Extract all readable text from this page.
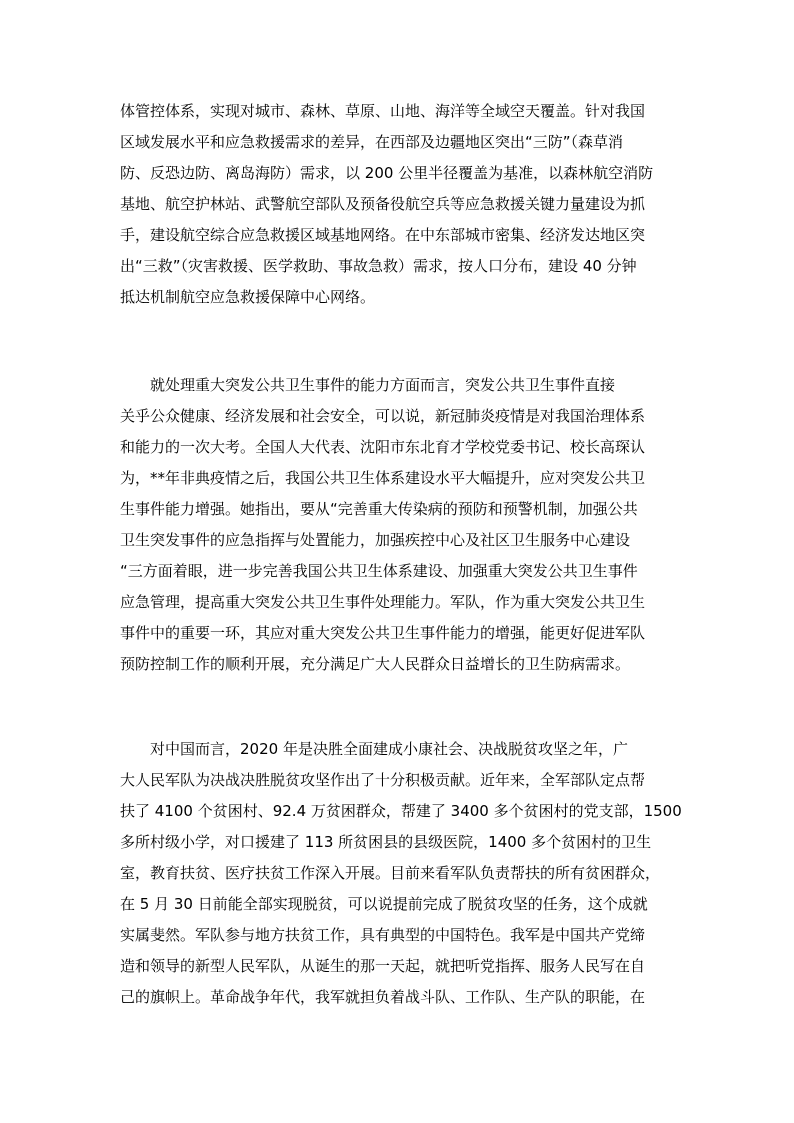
体管控体系，实现对城市、森林、草原、山地、海洋等全域空天覆盖。针对我国
区域发展水平和应急救援需求的差异，在西部及边疆地区突出“三防”（森草消
防、反恐边防、离岛海防）需求，以 200 公里半径覆盖为基准，以森林航空消防
基地、航空护林站、武警航空部队及预备役航空兵等应急救援关键力量建设为抓
手，建设航空综合应急救援区域基地网络。在中东部城市密集、经济发达地区突
出“三救”（灾害救援、医学救助、事故急救）需求，按人口分布，建设 40 分钟
抵达机制航空应急救援保障中心网络。
　　就处理重大突发公共卫生事件的能力方面而言，突发公共卫生事件直接
关乎公众健康、经济发展和社会安全，可以说，新冠肺炎疫情是对我国治理体系
和能力的一次大考。全国人大代表、沈阳市东北育才学校党委书记、校长高琛认
为，**年非典疫情之后，我国公共卫生体系建设水平大幅提升，应对突发公共卫
生事件能力增强。她指出，要从“完善重大传染病的预防和预警机制，加强公共
卫生突发事件的应急指挥与处置能力，加强疾控中心及社区卫生服务中心建设
“三方面着眼，进一步完善我国公共卫生体系建设、加强重大突发公共卫生事件
应急管理，提高重大突发公共卫生事件处理能力。军队，作为重大突发公共卫生
事件中的重要一环，其应对重大突发公共卫生事件能力的增强，能更好促进军队
预防控制工作的顺利开展，充分满足广大人民群众日益增长的卫生防病需求。
　　对中国而言，2020 年是决胜全面建成小康社会、决战脱贫攻坚之年，广
大人民军队为决战决胜脱贫攻坚作出了十分积极贡献。近年来，全军部队定点帮
扶了 4100 个贫困村、92.4 万贫困群众，帮建了 3400 多个贫困村的党支部，1500
多所村级小学，对口援建了 113 所贫困县的县级医院，1400 多个贫困村的卫生
室，教育扶贫、医疗扶贫工作深入开展。目前来看军队负责帮扶的所有贫困群众，
在 5 月 30 日前能全部实现脱贫，可以说提前完成了脱贫攻坚的任务，这个成就
实属斐然。军队参与地方扶贫工作，具有典型的中国特色。我军是中国共产党缔
造和领导的新型人民军队，从诞生的那一天起，就把听党指挥、服务人民写在自
己的旗帜上。革命战争年代，我军就担负着战斗队、工作队、生产队的职能，在
